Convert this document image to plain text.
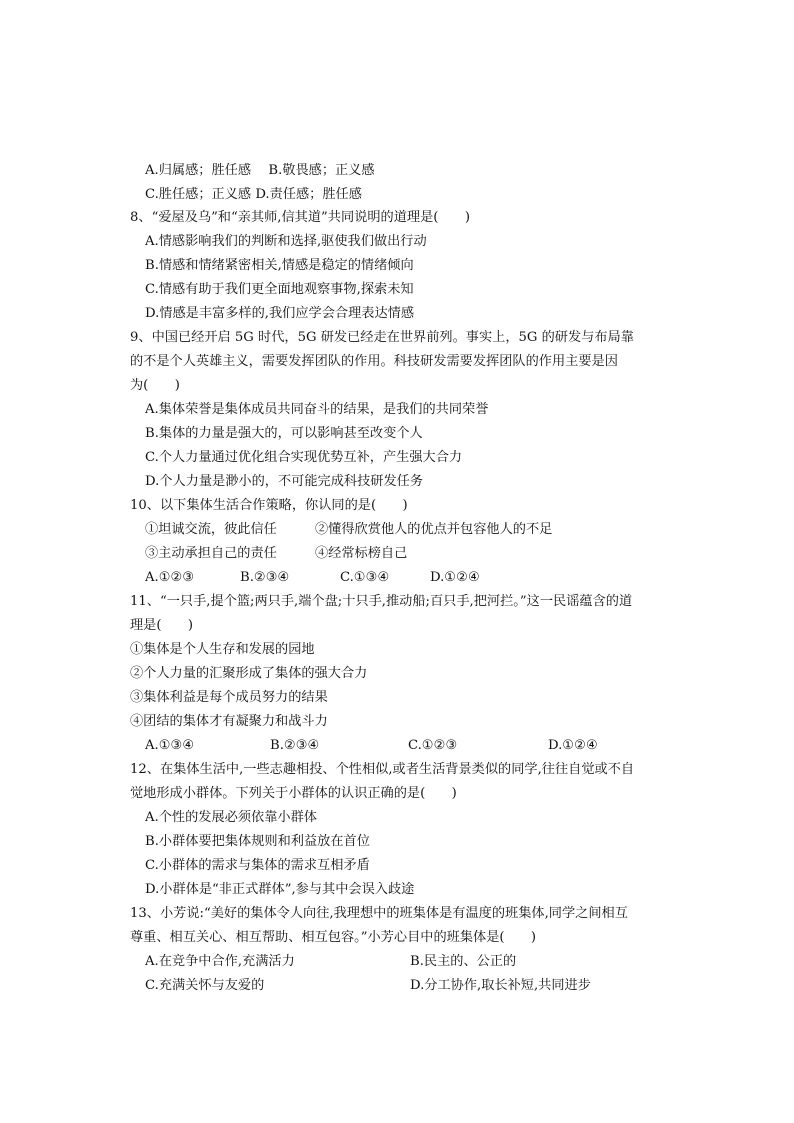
A.归属感；胜任感 　B.敬畏感；正义感
C.胜任感；正义感 D.责任感；胜任感
8、“爱屋及乌”和“亲其师,信其道”共同说明的道理是(　　)
A.情感影响我们的判断和选择,驱使我们做出行动
B.情感和情绪紧密相关,情感是稳定的情绪倾向
C.情感有助于我们更全面地观察事物,探索未知
D.情感是丰富多样的,我们应学会合理表达情感
9、中国已经开启 5G 时代，5G 研发已经走在世界前列。事实上，5G 的研发与布局靠
的不是个人英雄主义，需要发挥团队的作用。科技研发需要发挥团队的作用主要是因
为(　　)
A.集体荣誉是集体成员共同奋斗的结果，是我们的共同荣誉
B.集体的力量是强大的，可以影响甚至改变个人
C.个人力量通过优化组合实现优势互补，产生强大合力
D.个人力量是渺小的，不可能完成科技研发任务
10、以下集体生活合作策略，你认同的是(　　)
①坦诚交流，彼此信任	②懂得欣赏他人的优点并包容他人的不足
③主动承担自己的责任	④经常标榜自己
A.①②③	B.②③④	C.①③④	D.①②④
11、“一只手,提个篮;两只手,端个盘;十只手,推动船;百只手,把河拦。”这一民谣蕴含的道
理是(　　)
①集体是个人生存和发展的园地
②个人力量的汇聚形成了集体的强大合力
③集体利益是每个成员努力的结果
④团结的集体才有凝聚力和战斗力
A.①③④	B.②③④	C.①②③	D.①②④
12、在集体生活中,一些志趣相投、个性相似,或者生活背景类似的同学,往往自觉或不自
觉地形成小群体。下列关于小群体的认识正确的是(　　)
A.个性的发展必须依靠小群体
B.小群体要把集体规则和利益放在首位
C.小群体的需求与集体的需求互相矛盾
D.小群体是“非正式群体”,参与其中会误入歧途
13、小芳说:“美好的集体令人向往,我理想中的班集体是有温度的班集体,同学之间相互
尊重、相互关心、相互帮助、相互包容。”小芳心目中的班集体是(　　)
A.在竞争中合作,充满活力	B.民主的、公正的
C.充满关怀与友爱的	D.分工协作,取长补短,共同进步
